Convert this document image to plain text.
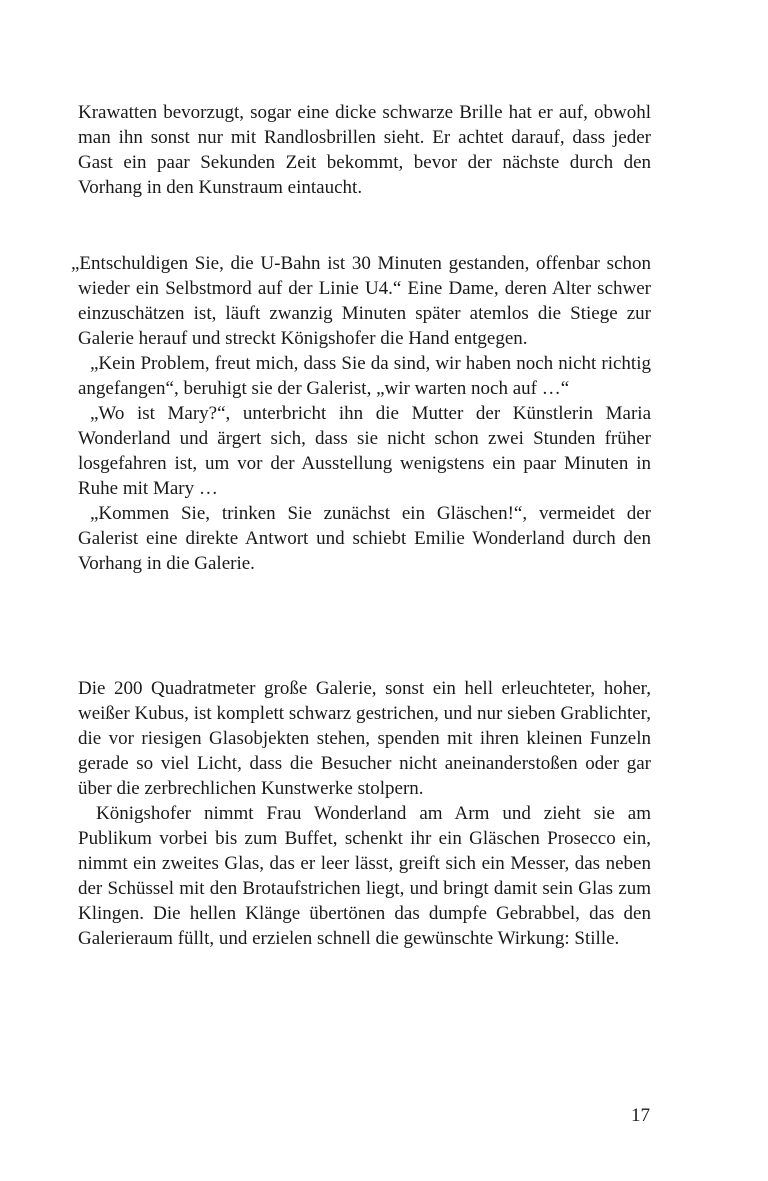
Krawatten bevorzugt, sogar eine dicke schwarze Brille hat er auf, obwohl man ihn sonst nur mit Randlosbrillen sieht. Er achtet darauf, dass jeder Gast ein paar Sekunden Zeit bekommt, bevor der nächste durch den Vorhang in den Kunstraum eintaucht.

„Entschuldigen Sie, die U-Bahn ist 30 Minuten gestanden, offenbar schon wieder ein Selbstmord auf der Linie U4.“ Eine Dame, deren Alter schwer einzuschätzen ist, läuft zwanzig Minuten später atemlos die Stiege zur Galerie herauf und streckt Königshofer die Hand entgegen.

„Kein Problem, freut mich, dass Sie da sind, wir haben noch nicht richtig angefangen“, beruhigt sie der Galerist, „wir warten noch auf …“

„Wo ist Mary?“, unterbricht ihn die Mutter der Künstlerin Maria Wonderland und ärgert sich, dass sie nicht schon zwei Stunden früher losgefahren ist, um vor der Ausstellung wenigstens ein paar Minuten in Ruhe mit Mary …

„Kommen Sie, trinken Sie zunächst ein Gläschen!“, vermeidet der Galerist eine direkte Antwort und schiebt Emilie Wonderland durch den Vorhang in die Galerie.

Die 200 Quadratmeter große Galerie, sonst ein hell erleuchteter, hoher, weißer Kubus, ist komplett schwarz gestrichen, und nur sieben Grablichter, die vor riesigen Glasobjekten stehen, spenden mit ihren kleinen Funzeln gerade so viel Licht, dass die Besucher nicht aneinanderstoßen oder gar über die zerbrechlichen Kunstwerke stolpern.

Königshofer nimmt Frau Wonderland am Arm und zieht sie am Publikum vorbei bis zum Buffet, schenkt ihr ein Gläschen Prosecco ein, nimmt ein zweites Glas, das er leer lässt, greift sich ein Messer, das neben der Schüssel mit den Brotaufstrichen liegt, und bringt damit sein Glas zum Klingen. Die hellen Klänge übertönen das dumpfe Gebrabbel, das den Galerieraum füllt, und erzielen schnell die gewünschte Wirkung: Stille.

17
